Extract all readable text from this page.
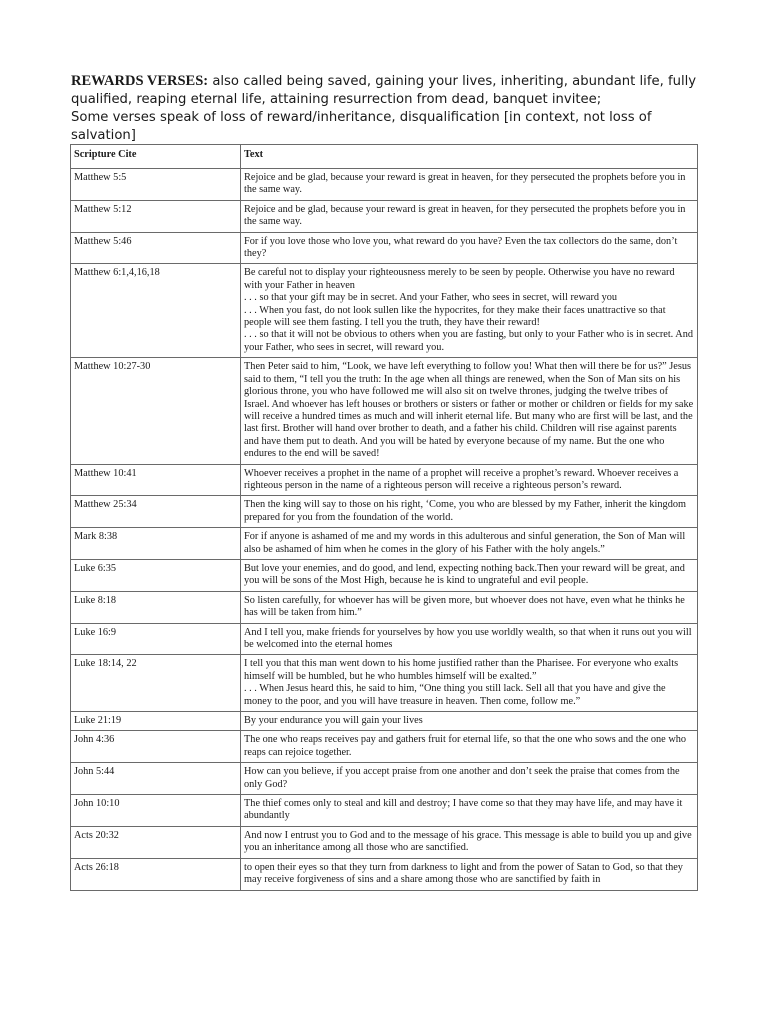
REWARDS VERSES: also called being saved, gaining your lives, inheriting, abundant life, fully qualified, reaping eternal life, attaining resurrection from dead, banquet invitee;
Some verses speak of loss of reward/inheritance, disqualification [in context, not loss of salvation]
Scripture Cite	Text
Matthew 5:5	Rejoice and be glad, because your reward is great in heaven, for they persecuted the prophets before you in the same way.
Matthew 5:12	Rejoice and be glad, because your reward is great in heaven, for they persecuted the prophets before you in the same way.
Matthew 5:46	For if you love those who love you, what reward do you have? Even the tax collectors do the same, don’t they?
Matthew 6:1,4,16,18	Be careful not to display your righteousness merely to be seen by people. Otherwise you have no reward with your Father in heaven
. . . so that your gift may be in secret. And your Father, who sees in secret, will reward you
. . . When you fast, do not look sullen like the hypocrites, for they make their faces unattractive so that people will see them fasting. I tell you the truth, they have their reward!
. . . so that it will not be obvious to others when you are fasting, but only to your Father who is in secret. And your Father, who sees in secret, will reward you.
Matthew 10:27-30	Then Peter said to him, “Look, we have left everything to follow you! What then will there be for us?” Jesus said to them, “I tell you the truth: In the age when all things are renewed, when the Son of Man sits on his glorious throne, you who have followed me will also sit on twelve thrones, judging the twelve tribes of Israel. And whoever has left houses or brothers or sisters or father or mother or children or fields for my sake will receive a hundred times as much and will inherit eternal life. But many who are first will be last, and the last first. Brother will hand over brother to death, and a father his child. Children will rise against parents and have them put to death. And you will be hated by everyone because of my name. But the one who endures to the end will be saved!
Matthew 10:41	Whoever receives a prophet in the name of a prophet will receive a prophet’s reward. Whoever receives a righteous person in the name of a righteous person will receive a righteous person’s reward.
Matthew 25:34	Then the king will say to those on his right, ‘Come, you who are blessed by my Father, inherit the kingdom prepared for you from the foundation of the world.
Mark 8:38	For if anyone is ashamed of me and my words in this adulterous and sinful generation, the Son of Man will also be ashamed of him when he comes in the glory of his Father with the holy angels.”
Luke 6:35	But love your enemies, and do good, and lend, expecting nothing back.Then your reward will be great, and you will be sons of the Most High, because he is kind to ungrateful and evil people.
Luke 8:18	So listen carefully, for whoever has will be given more, but whoever does not have, even what he thinks he has will be taken from him.”
Luke 16:9	And I tell you, make friends for yourselves by how you use worldly wealth, so that when it runs out you will be welcomed into the eternal homes
Luke 18:14, 22	I tell you that this man went down to his home justified rather than the Pharisee. For everyone who exalts himself will be humbled, but he who humbles himself will be exalted.”
. . . When Jesus heard this, he said to him, “One thing you still lack. Sell all that you have and give the money to the poor, and you will have treasure in heaven. Then come, follow me.”
Luke 21:19	By your endurance you will gain your lives
John 4:36	The one who reaps receives pay and gathers fruit for eternal life, so that the one who sows and the one who reaps can rejoice together.
John 5:44	How can you believe, if you accept praise from one another and don’t seek the praise that comes from the only God?
John 10:10	The thief comes only to steal and kill and destroy; I have come so that they may have life, and may have it abundantly
Acts 20:32	And now I entrust you to God and to the message of his grace. This message is able to build you up and give you an inheritance among all those who are sanctified.
Acts 26:18	to open their eyes so that they turn from darkness to light and from the power of Satan to God, so that they may receive forgiveness of sins and a share among those who are sanctified by faith in
